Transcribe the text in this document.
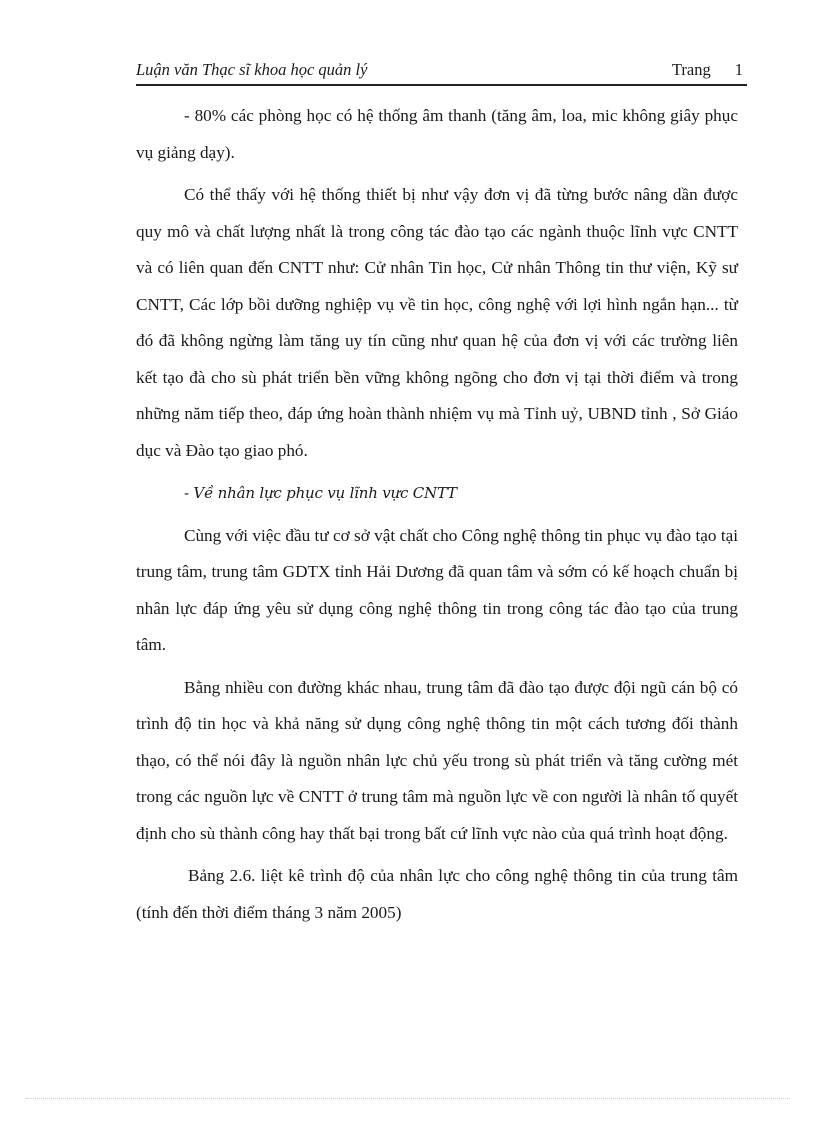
Luận văn Thạc sĩ khoa học quản lý	Trang 1

- 80% các phòng học có hệ thống âm thanh (tăng âm, loa, mic không giây phục vụ giảng dạy).

Có thể thấy với hệ thống thiết bị như vậy đơn vị đã từng bước nâng dần được quy mô và chất lượng nhất là trong công tác đào tạo các ngành thuộc lĩnh vực CNTT và có liên quan đến CNTT như: Cử nhân Tin học, Cử nhân Thông tin thư viện, Kỹ sư CNTT, Các lớp bồi dưỡng nghiệp vụ về tin học, công nghệ với lợi hình ngắn hạn... từ đó đã không ngừng làm tăng uy tín cũng như quan hệ của đơn vị với các trường liên kết tạo đà cho sù phát triển bền vững không ngõng cho đơn vị tại thời điểm và trong những năm tiếp theo, đáp ứng hoàn thành nhiệm vụ mà Tỉnh uỷ, UBND tỉnh , Sở Giáo dục và Đào tạo giao phó.

- Về nhân lực phục vụ lĩnh vực CNTT

Cùng với việc đầu tư cơ sở vật chất cho Công nghệ thông tin phục vụ đào tạo tại trung tâm, trung tâm GDTX tỉnh Hải Dương đã quan tâm và sớm có kế hoạch chuẩn bị nhân lực đáp ứng yêu sử dụng công nghệ thông tin trong công tác đào tạo của trung tâm.

Bằng nhiều con đường khác nhau, trung tâm đã đào tạo được đội ngũ cán bộ có trình độ tin học và khả năng sử dụng công nghệ thông tin một cách tương đối thành thạo, có thể nói đây là nguồn nhân lực chủ yếu trong sù phát triển và tăng cường mét trong các nguồn lực về CNTT ở trung tâm mà nguồn lực về con người là nhân tố quyết định cho sù thành công hay thất bại trong bất cứ lĩnh vực nào của quá trình hoạt động.

Bảng 2.6. liệt kê trình độ của nhân lực cho công nghệ thông tin của trung tâm (tính đến thời điểm tháng 3 năm 2005)
